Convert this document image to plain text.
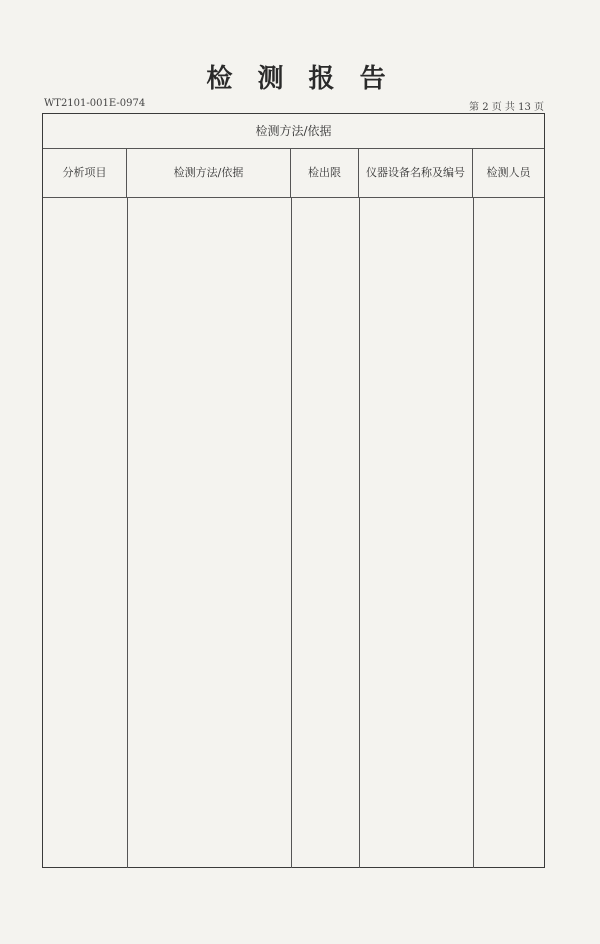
检 测 报 告
WT2101-001E-0974	第 2 页 共 13 页
检测方法/依据
分析项目	检测方法/依据	检出限	仪器设备名称及编号	检测人员
